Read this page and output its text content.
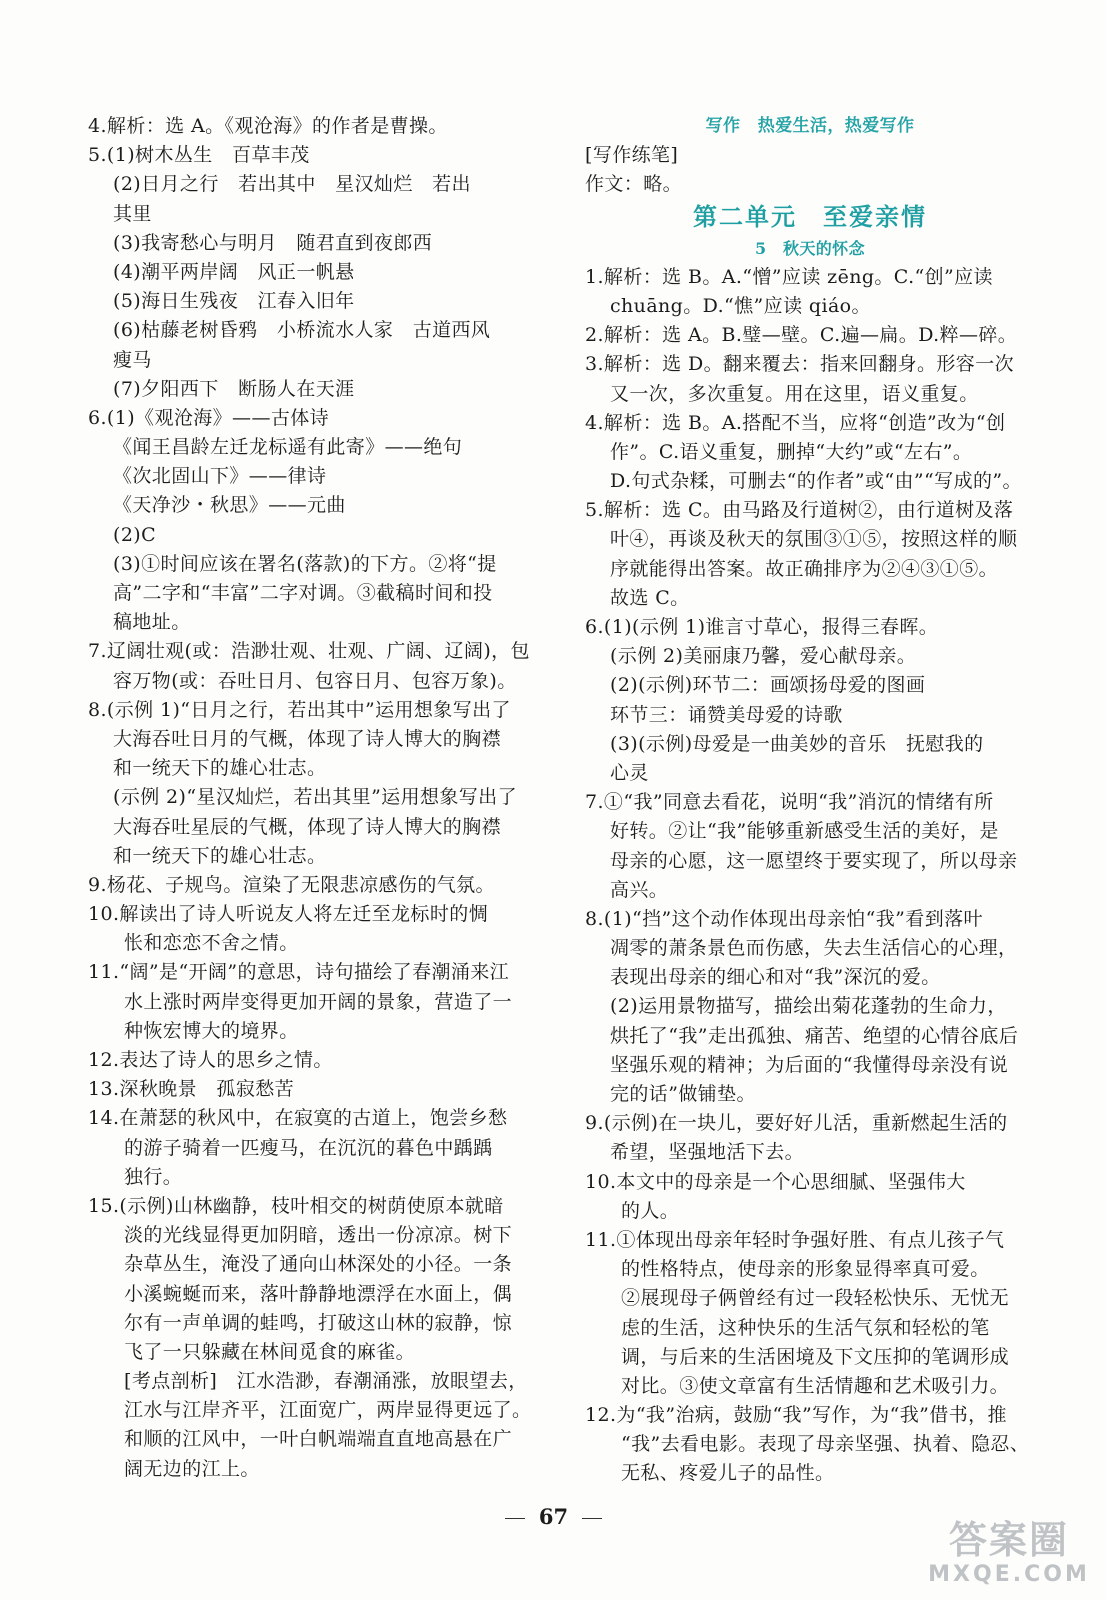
4.解析：选 A。《观沧海》的作者是曹操。
5.(1)树木丛生　百草丰茂
(2)日月之行　若出其中　星汉灿烂　若出
其里
(3)我寄愁心与明月　随君直到夜郎西
(4)潮平两岸阔　风正一帆悬
(5)海日生残夜　江春入旧年
(6)枯藤老树昏鸦　小桥流水人家　古道西风
瘦马
(7)夕阳西下　断肠人在天涯
6.(1)《观沧海》——古体诗
《闻王昌龄左迁龙标遥有此寄》——绝句
《次北固山下》——律诗
《天净沙・秋思》——元曲
(2)C
(3)①时间应该在署名(落款)的下方。②将“提
高”二字和“丰富”二字对调。③截稿时间和投
稿地址。
7.辽阔壮观(或：浩渺壮观、壮观、广阔、辽阔)，包
容万物(或：吞吐日月、包容日月、包容万象)。
8.(示例 1)“日月之行，若出其中”运用想象写出了
大海吞吐日月的气概，体现了诗人博大的胸襟
和一统天下的雄心壮志。
(示例 2)“星汉灿烂，若出其里”运用想象写出了
大海吞吐星辰的气概，体现了诗人博大的胸襟
和一统天下的雄心壮志。
9.杨花、子规鸟。渲染了无限悲凉感伤的气氛。
10.解读出了诗人听说友人将左迁至龙标时的惆
怅和恋恋不舍之情。
11.“阔”是“开阔”的意思，诗句描绘了春潮涌来江
水上涨时两岸变得更加开阔的景象，营造了一
种恢宏博大的境界。
12.表达了诗人的思乡之情。
13.深秋晚景　孤寂愁苦
14.在萧瑟的秋风中，在寂寞的古道上，饱尝乡愁
的游子骑着一匹瘦马，在沉沉的暮色中踽踽
独行。
15.(示例)山林幽静，枝叶相交的树荫使原本就暗
淡的光线显得更加阴暗，透出一份凉凉。树下
杂草丛生，淹没了通向山林深处的小径。一条
小溪蜿蜒而来，落叶静静地漂浮在水面上，偶
尔有一声单调的蛙鸣，打破这山林的寂静，惊
飞了一只躲藏在林间觅食的麻雀。
[考点剖析]　江水浩渺，春潮涌涨，放眼望去，
江水与江岸齐平，江面宽广，两岸显得更远了。
和顺的江风中，一叶白帆端端直直地高悬在广
阔无边的江上。
写作　热爱生活，热爱写作
[写作练笔]
作文：略。
第二单元　至爱亲情
5　秋天的怀念
1.解析：选 B。A.“憎”应读 zēng。C.“创”应读
chuāng。D.“憔”应读 qiáo。
2.解析：选 A。B.璧—壁。C.遍—扁。D.粹—碎。
3.解析：选 D。翻来覆去：指来回翻身。形容一次
又一次，多次重复。用在这里，语义重复。
4.解析：选 B。A.搭配不当，应将“创造”改为“创
作”。C.语义重复，删掉“大约”或“左右”。
D.句式杂糅，可删去“的作者”或“由”“写成的”。
5.解析：选 C。由马路及行道树②，由行道树及落
叶④，再谈及秋天的氛围③①⑤，按照这样的顺
序就能得出答案。故正确排序为②④③①⑤。
故选 C。
6.(1)(示例 1)谁言寸草心，报得三春晖。
(示例 2)美丽康乃馨，爱心献母亲。
(2)(示例)环节二：画颂扬母爱的图画
环节三：诵赞美母爱的诗歌
(3)(示例)母爱是一曲美妙的音乐　抚慰我的
心灵
7.①“我”同意去看花，说明“我”消沉的情绪有所
好转。②让“我”能够重新感受生活的美好，是
母亲的心愿，这一愿望终于要实现了，所以母亲
高兴。
8.(1)“挡”这个动作体现出母亲怕“我”看到落叶
凋零的萧条景色而伤感，失去生活信心的心理，
表现出母亲的细心和对“我”深沉的爱。
(2)运用景物描写，描绘出菊花蓬勃的生命力，
烘托了“我”走出孤独、痛苦、绝望的心情谷底后
坚强乐观的精神；为后面的“我懂得母亲没有说
完的话”做铺垫。
9.(示例)在一块儿，要好好儿活，重新燃起生活的
希望，坚强地活下去。
10.本文中的母亲是一个心思细腻、坚强伟大
的人。
11.①体现出母亲年轻时争强好胜、有点儿孩子气
的性格特点，使母亲的形象显得率真可爱。
②展现母子俩曾经有过一段轻松快乐、无忧无
虑的生活，这种快乐的生活气氛和轻松的笔
调，与后来的生活困境及下文压抑的笔调形成
对比。③使文章富有生活情趣和艺术吸引力。
12.为“我”治病，鼓励“我”写作，为“我”借书，推
“我”去看电影。表现了母亲坚强、执着、隐忍、
无私、疼爱儿子的品性。
67
答案圈
MXQE.COM
